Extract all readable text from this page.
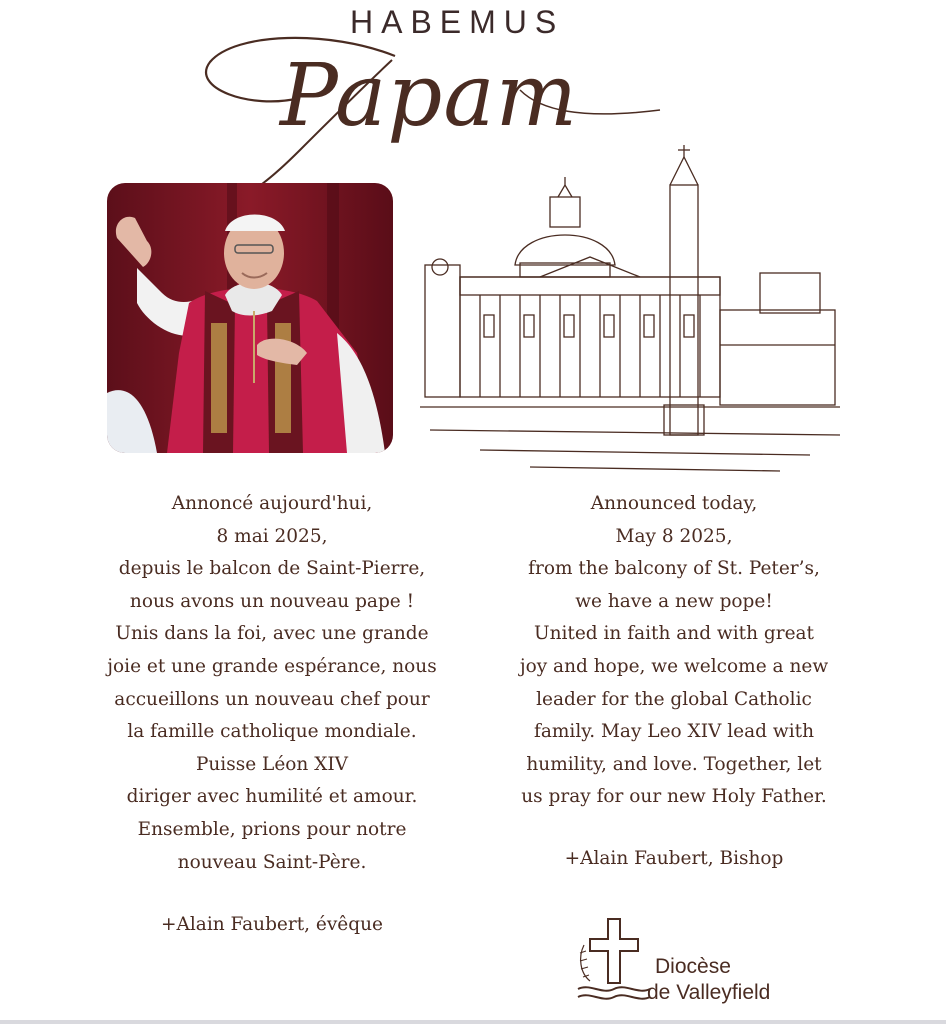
HABEMUS
Papam

Annoncé aujourd'hui,

8 mai 2025,

depuis le balcon de Saint-Pierre,

nous avons un nouveau pape !

Unis dans la foi, avec une grande

joie et une grande espérance, nous

accueillons un nouveau chef pour

la famille catholique mondiale.

Puisse Léon XIV

diriger avec humilité et amour.

Ensemble, prions pour notre

nouveau Saint-Père.

+Alain Faubert, évêque

Announced today,

May 8 2025,

from the balcony of St. Peter’s,

we have a new pope!

United in faith and with great

joy and hope, we welcome a new

leader for the global Catholic

family. May Leo XIV lead with

humility, and love. Together, let

us pray for our new Holy Father.

+Alain Faubert, Bishop
Diocèse
de Valleyfield
